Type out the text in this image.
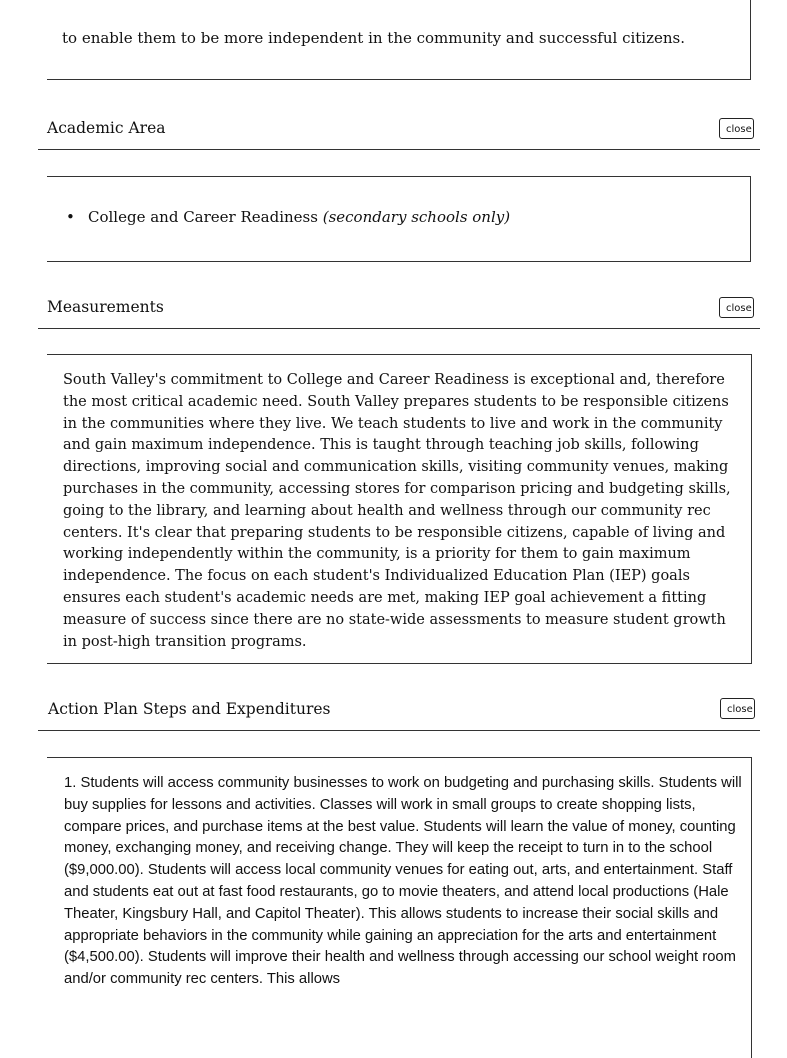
to enable them to be more independent in the community and successful citizens.
Academic Area	close
• College and Career Readiness (secondary schools only)
Measurements	close
South Valley's commitment to College and Career Readiness is exceptional and, therefore the most critical academic need. South Valley prepares students to be responsible citizens in the communities where they live. We teach students to live and work in the community and gain maximum independence. This is taught through teaching job skills, following directions, improving social and communication skills, visiting community venues, making purchases in the community, accessing stores for comparison pricing and budgeting skills, going to the library, and learning about health and wellness through our community rec centers. It's clear that preparing students to be responsible citizens, capable of living and working independently within the community, is a priority for them to gain maximum independence. The focus on each student's Individualized Education Plan (IEP) goals ensures each student's academic needs are met, making IEP goal achievement a fitting measure of success since there are no state-wide assessments to measure student growth in post-high transition programs.
Action Plan Steps and Expenditures	close
1. Students will access community businesses to work on budgeting and purchasing skills. Students will buy supplies for lessons and activities. Classes will work in small groups to create shopping lists, compare prices, and purchase items at the best value. Students will learn the value of money, counting money, exchanging money, and receiving change. They will keep the receipt to turn in to the school ($9,000.00). Students will access local community venues for eating out, arts, and entertainment. Staff and students eat out at fast food restaurants, go to movie theaters, and attend local productions (Hale Theater, Kingsbury Hall, and Capitol Theater). This allows students to increase their social skills and appropriate behaviors in the community while gaining an appreciation for the arts and entertainment ($4,500.00). Students will improve their health and wellness through accessing our school weight room and/or community rec centers. This allows
